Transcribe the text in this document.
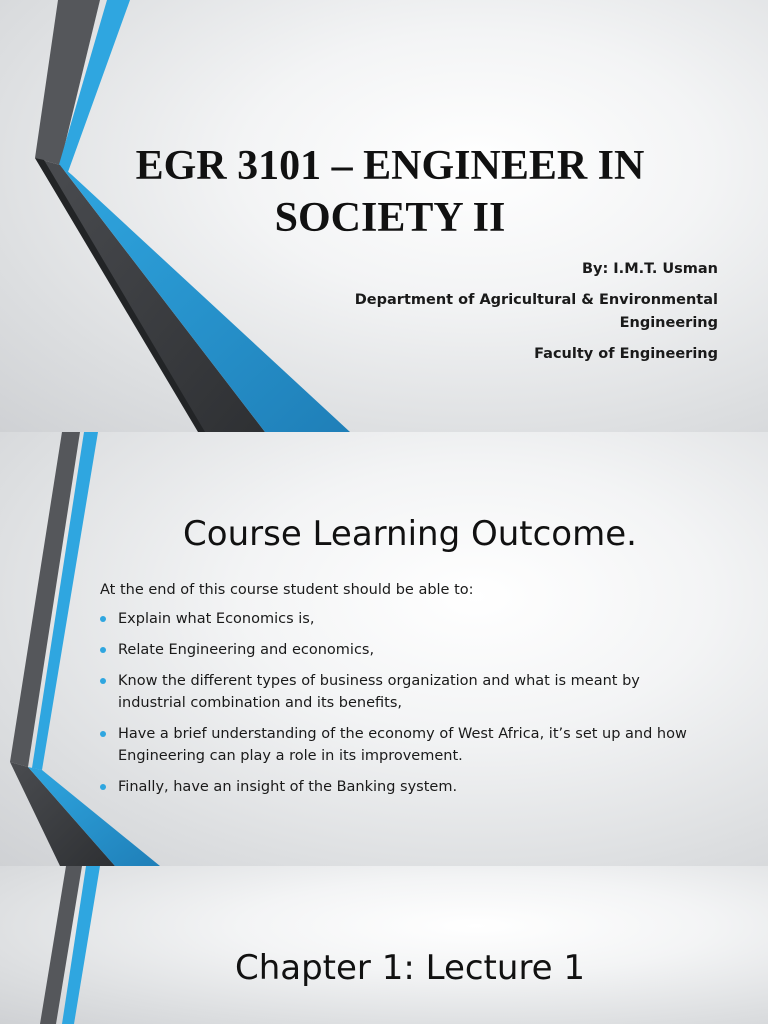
EGR 3101 – ENGINEER IN SOCIETY II

By: I.M.T. Usman

Department of Agricultural & Environmental Engineering

Faculty of Engineering

Course Learning Outcome.

At the end of this course student should be able to:

Explain what Economics is,
Relate Engineering and economics,
Know the different types of business organization and what is meant by industrial combination and its benefits,
Have a brief understanding of the economy of West Africa, it’s set up and how Engineering can play a role in its improvement.
Finally, have an insight of the Banking system.
Chapter 1: Lecture 1
